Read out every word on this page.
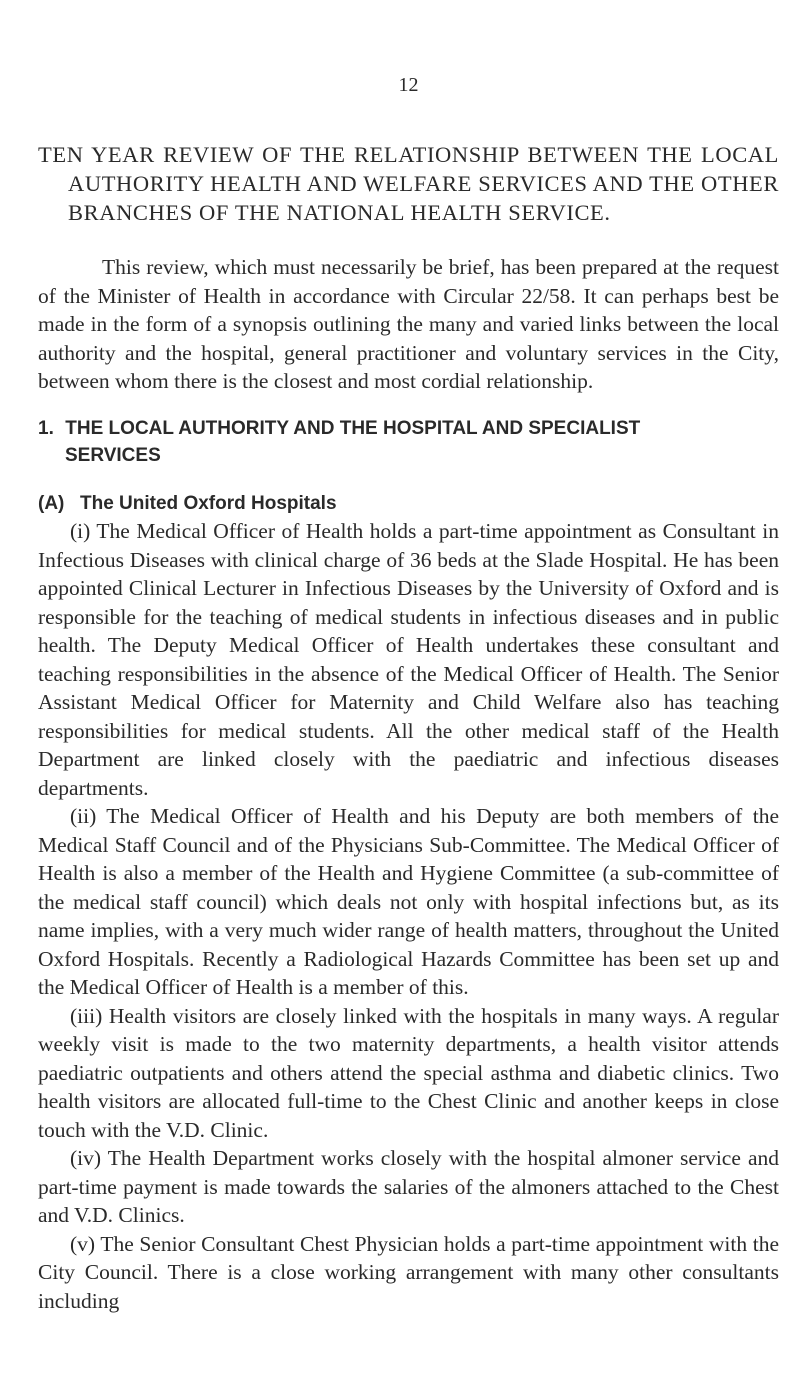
12
TEN YEAR REVIEW OF THE RELATIONSHIP BETWEEN THE LOCAL AUTHORITY HEALTH AND WELFARE SERVICES AND THE OTHER BRANCHES OF THE NATIONAL HEALTH SERVICE.

This review, which must necessarily be brief, has been prepared at the request of the Minister of Health in accordance with Circular 22/58. It can perhaps best be made in the form of a synopsis outlining the many and varied links between the local authority and the hospital, general practitioner and voluntary services in the City, between whom there is the closest and most cordial relationship.

1. THE LOCAL AUTHORITY AND THE HOSPITAL AND SPECIALIST
SERVICES
(A) The United Oxford Hospitals

(i) The Medical Officer of Health holds a part-time appointment as Consultant in Infectious Diseases with clinical charge of 36 beds at the Slade Hospital. He has been appointed Clinical Lecturer in Infectious Diseases by the University of Oxford and is responsible for the teaching of medical students in infectious diseases and in public health. The Deputy Medical Officer of Health undertakes these consultant and teaching responsibilities in the absence of the Medical Officer of Health. The Senior Assistant Medical Officer for Maternity and Child Welfare also has teaching responsibilities for medical students. All the other medical staff of the Health Department are linked closely with the paediatric and infectious diseases departments.

(ii) The Medical Officer of Health and his Deputy are both members of the Medical Staff Council and of the Physicians Sub-Committee. The Medical Officer of Health is also a member of the Health and Hygiene Committee (a sub-committee of the medical staff council) which deals not only with hospital infections but, as its name implies, with a very much wider range of health matters, throughout the United Oxford Hospitals. Recently a Radiological Hazards Committee has been set up and the Medical Officer of Health is a member of this.

(iii) Health visitors are closely linked with the hospitals in many ways. A regular weekly visit is made to the two maternity departments, a health visitor attends paediatric outpatients and others attend the special asthma and diabetic clinics. Two health visitors are allocated full-time to the Chest Clinic and another keeps in close touch with the V.D. Clinic.

(iv) The Health Department works closely with the hospital almoner service and part-time payment is made towards the salaries of the almoners attached to the Chest and V.D. Clinics.

(v) The Senior Consultant Chest Physician holds a part-time appointment with the City Council. There is a close working arrangement with many other consultants including
